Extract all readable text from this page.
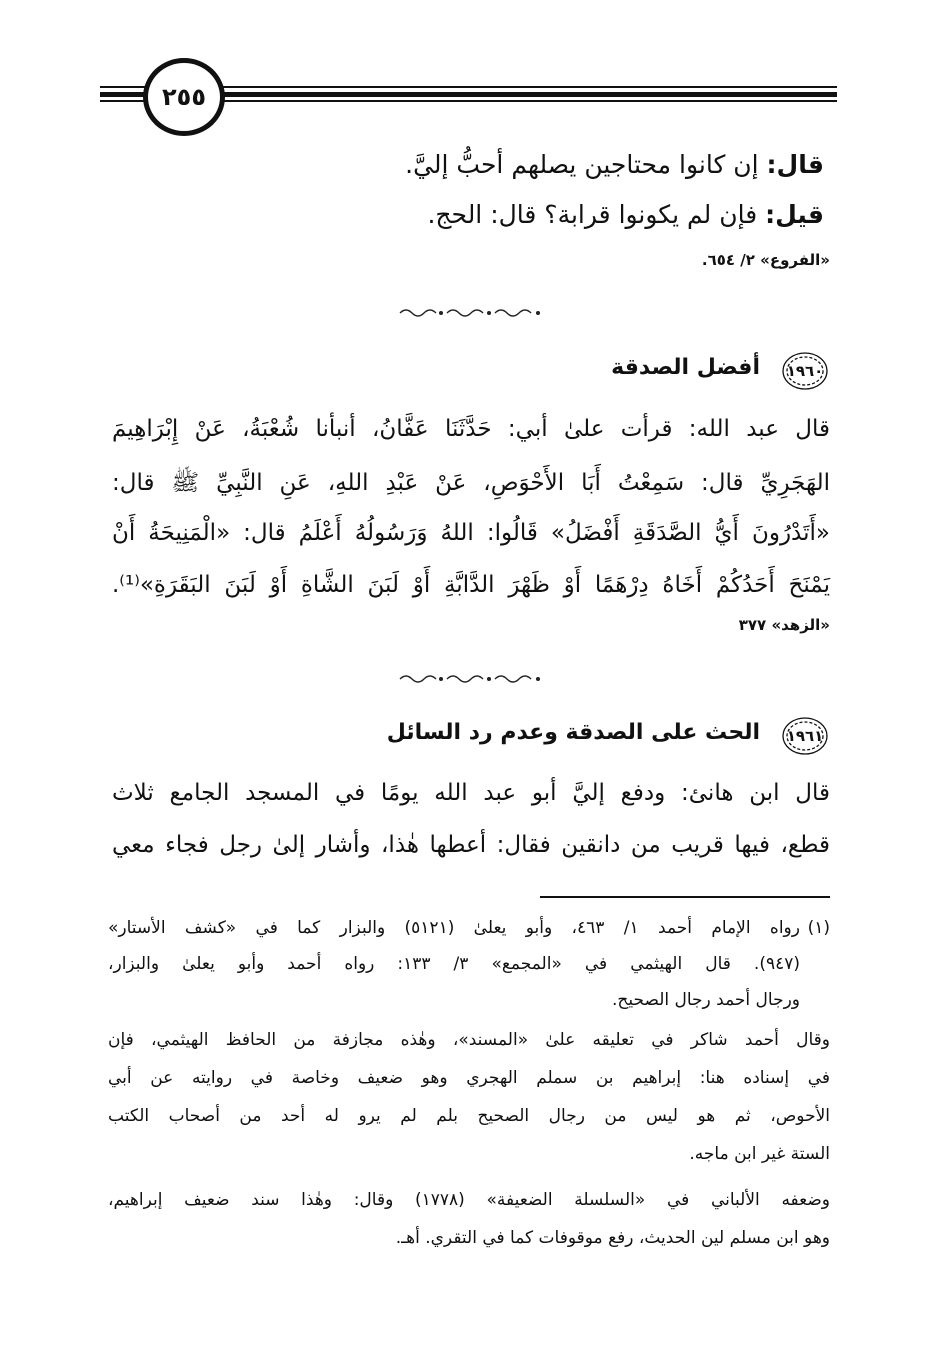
٢٥٥
قال: إن كانوا محتاجين يصلهم أحبُّ إليَّ.
قيل: فإن لم يكونوا قرابة؟ قال: الحج.
«الفروع» ٢/ ٦٥٤.
١٩٦٠
أفضل الصدقة
قال عبد الله: قرأت علىٰ أبي: حَدَّثَنَا عَفَّانُ، أنبأنا شُعْبَةُ، عَنْ إِبْرَاهِيمَ
الهَجَرِيِّ قال: سَمِعْتُ أَبَا الأَحْوَصِ، عَنْ عَبْدِ اللهِ، عَنِ النَّبِيِّ ﷺ قال:
«أَتَدْرُونَ أَيُّ الصَّدَقَةِ أَفْضَلُ» قَالُوا: اللهُ وَرَسُولُهُ أَعْلَمُ قال: «الْمَنِيحَةُ أَنْ
يَمْنَحَ أَحَدُكُمْ أَخَاهُ دِرْهَمًا أَوْ ظَهْرَ الدَّابَّةِ أَوْ لَبَنَ الشَّاةِ أَوْ لَبَنَ البَقَرَةِ»⁽¹⁾.
«الزهد» ٣٧٧
١٩٦١
الحث على الصدقة وعدم رد السائل
قال ابن هانئ: ودفع إليَّ أبو عبد الله يومًا في المسجد الجامع ثلاث
قطع، فيها قريب من دانقين فقال: أعطها هٰذا، وأشار إلىٰ رجل فجاء معي
(١)
رواه الإمام أحمد ١/ ٤٦٣، وأبو يعلىٰ (٥١٢١) والبزار كما في «كشف الأستار»
(٩٤٧). قال الهيثمي في «المجمع» ٣/ ١٣٣: رواه أحمد وأبو يعلىٰ والبزار،
ورجال أحمد رجال الصحيح.
وقال أحمد شاكر في تعليقه علىٰ «المسند»، وهٰذه مجازفة من الحافظ الهيثمي، فإن
في إسناده هنا: إبراهيم بن سملم الهجري وهو ضعيف وخاصة في روايته عن أبي
الأحوص، ثم هو ليس من رجال الصحيح بلم لم يرو له أحد من أصحاب الكتب
الستة غير ابن ماجه.
وضعفه الألباني في «السلسلة الضعيفة» (١٧٧٨) وقال: وهٰذا سند ضعيف إبراهيم،
وهو ابن مسلم لين الحديث، رفع موقوفات كما في التقري. أهـ.
